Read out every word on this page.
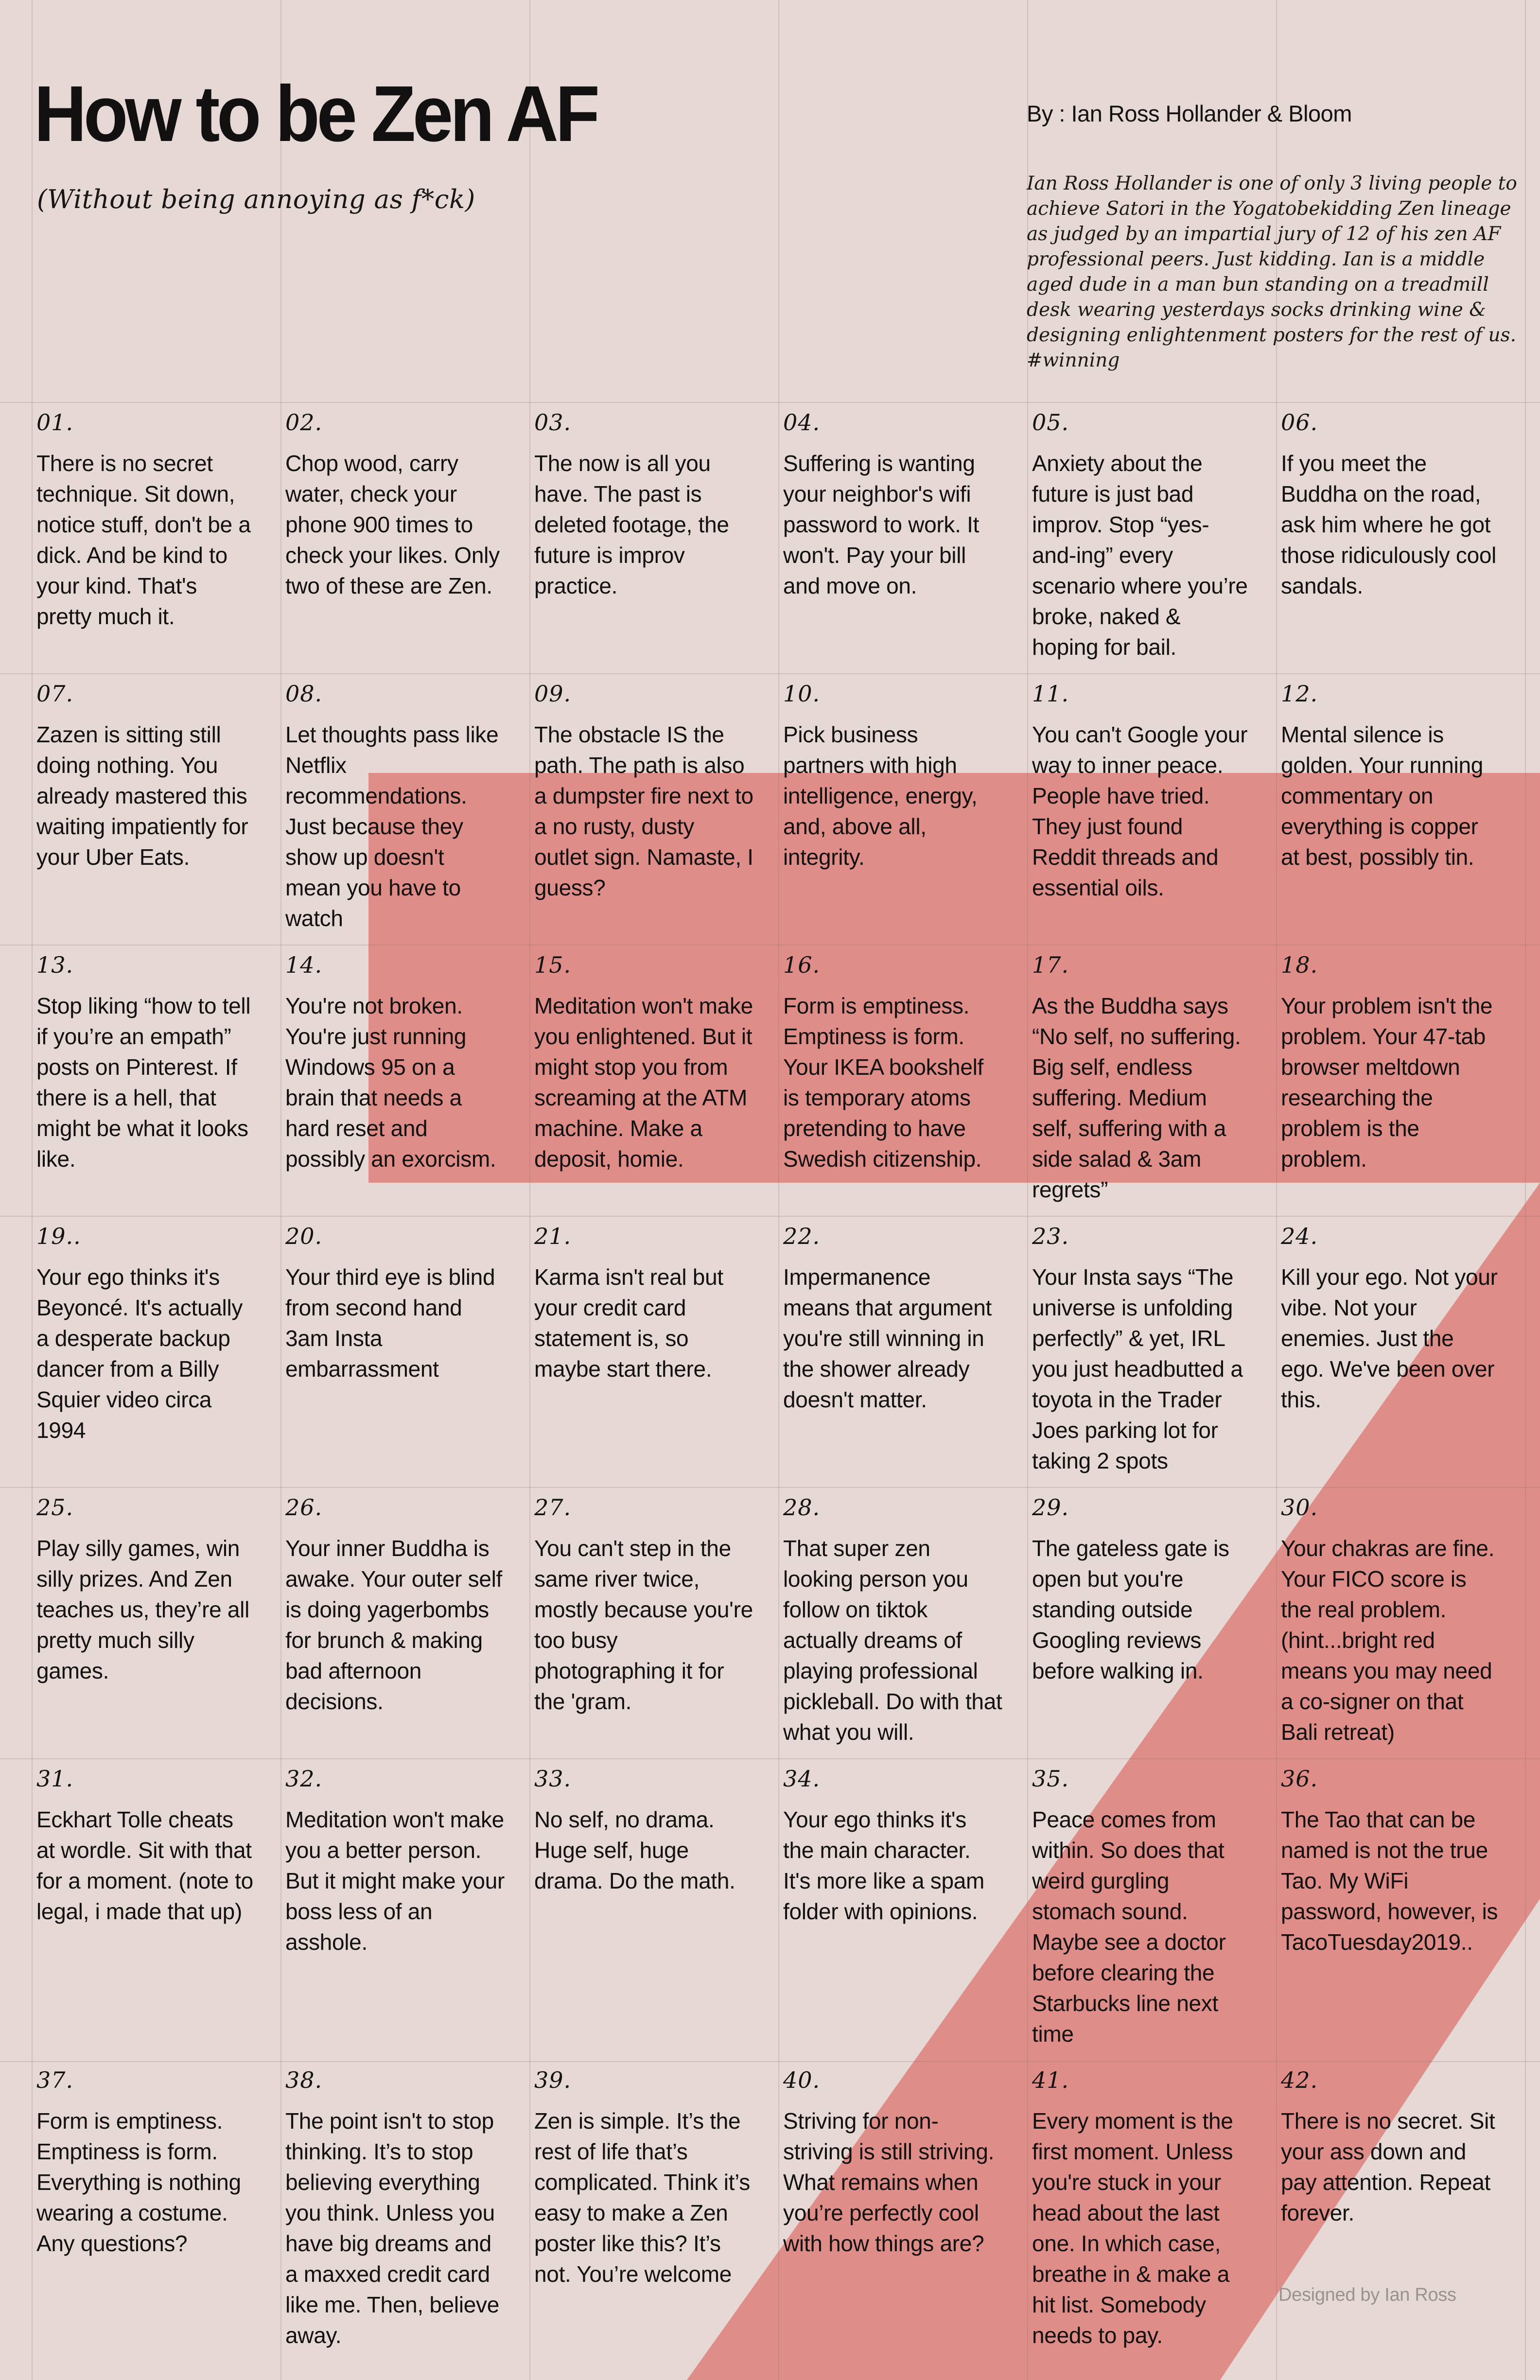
How to be Zen AF
(Without being annoying as f*ck)
By : Ian Ross Hollander & Bloom
Ian Ross Hollander is one of only 3 living people to achieve Satori in the Yogatobekidding Zen lineage as judged by an impartial jury of 12 of his zen AF professional peers. Just kidding. Ian is a middle aged dude in a man bun standing on a treadmill desk wearing yesterdays socks drinking wine & designing enlightenment posters for the rest of us. #winning
01.
There is no secret technique. Sit down, notice stuff, don't be a dick. And be kind to your kind. That's pretty much it.
02.
Chop wood, carry water, check your phone 900 times to check your likes. Only two of these are Zen.
03.
The now is all you have. The past is deleted footage, the future is improv practice.
04.
Suffering is wanting your neighbor's wifi password to work. It won't. Pay your bill and move on.
05.
Anxiety about the future is just bad improv. Stop “yes-and-ing” every scenario where you’re broke, naked & hoping for bail.
06.
If you meet the Buddha on the road, ask him where he got those ridiculously cool sandals.
07.
Zazen is sitting still doing nothing. You already mastered this waiting impatiently for your Uber Eats.
08.
Let thoughts pass like Netflix recommendations. Just because they show up doesn't mean you have to watch
09.
The obstacle IS the path. The path is also a dumpster fire next to a no rusty, dusty outlet sign. Namaste, I guess?
10.
Pick business partners with high intelligence, energy, and, above all, integrity.
11.
You can't Google your way to inner peace. People have tried. They just found Reddit threads and essential oils.
12.
Mental silence is golden. Your running commentary on everything is copper at best, possibly tin.
13.
Stop liking “how to tell if you’re an empath” posts on Pinterest. If there is a hell, that might be what it looks like.
14.
You're not broken. You're just running Windows 95 on a brain that needs a hard reset and possibly an exorcism.
15.
Meditation won't make you enlightened. But it might stop you from screaming at the ATM machine. Make a deposit, homie.
16.
Form is emptiness. Emptiness is form. Your IKEA bookshelf is temporary atoms pretending to have Swedish citizenship.
17.
As the Buddha says “No self, no suffering. Big self, endless suffering. Medium self, suffering with a side salad & 3am regrets”
18.
Your problem isn't the problem. Your 47-tab browser meltdown researching the problem is the problem.
19..
Your ego thinks it's Beyoncé. It's actually a desperate backup dancer from a Billy Squier video circa 1994
20.
Your third eye is blind from second hand 3am Insta embarrassment
21.
Karma isn't real but your credit card statement is, so maybe start there.
22.
Impermanence means that argument you're still winning in the shower already doesn't matter.
23.
Your Insta says “The universe is unfolding perfectly” & yet, IRL you just headbutted a toyota in the Trader Joes parking lot for taking 2 spots
24.
Kill your ego. Not your vibe. Not your enemies. Just the ego. We've been over this.
25.
Play silly games, win silly prizes. And Zen teaches us, they’re all pretty much silly games.
26.
Your inner Buddha is awake. Your outer self is doing yagerbombs for brunch & making bad afternoon decisions.
27.
You can't step in the same river twice, mostly because you're too busy photographing it for the 'gram.
28.
That super zen looking person you follow on tiktok actually dreams of playing professional pickleball. Do with that what you will.
29.
The gateless gate is open but you're standing outside Googling reviews before walking in.
30.
Your chakras are fine. Your FICO score is the real problem. (hint...bright red means you may need a co-signer on that Bali retreat)
31.
Eckhart Tolle cheats at wordle. Sit with that for a moment. (note to legal, i made that up)
32.
Meditation won't make you a better person. But it might make your boss less of an asshole.
33.
No self, no drama. Huge self, huge drama. Do the math.
34.
Your ego thinks it's the main character. It's more like a spam folder with opinions.
35.
Peace comes from within. So does that weird gurgling stomach sound. Maybe see a doctor before clearing the Starbucks line next time
36.
The Tao that can be named is not the true Tao. My WiFi password, however, is TacoTuesday2019..
37.
Form is emptiness. Emptiness is form. Everything is nothing wearing a costume. Any questions?
38.
The point isn't to stop thinking. It’s to stop believing everything you think. Unless you have big dreams and a maxxed credit card like me. Then, believe away.
39.
Zen is simple. It’s the rest of life that’s complicated. Think it’s easy to make a Zen poster like this? It’s not. You’re welcome
40.
Striving for non-striving is still striving. What remains when you’re perfectly cool with how things are?
41.
Every moment is the first moment. Unless you're stuck in your head about the last one. In which case, breathe in & make a hit list. Somebody needs to pay.
42.
There is no secret. Sit your ass down and pay attention. Repeat forever.
Designed by Ian Ross
